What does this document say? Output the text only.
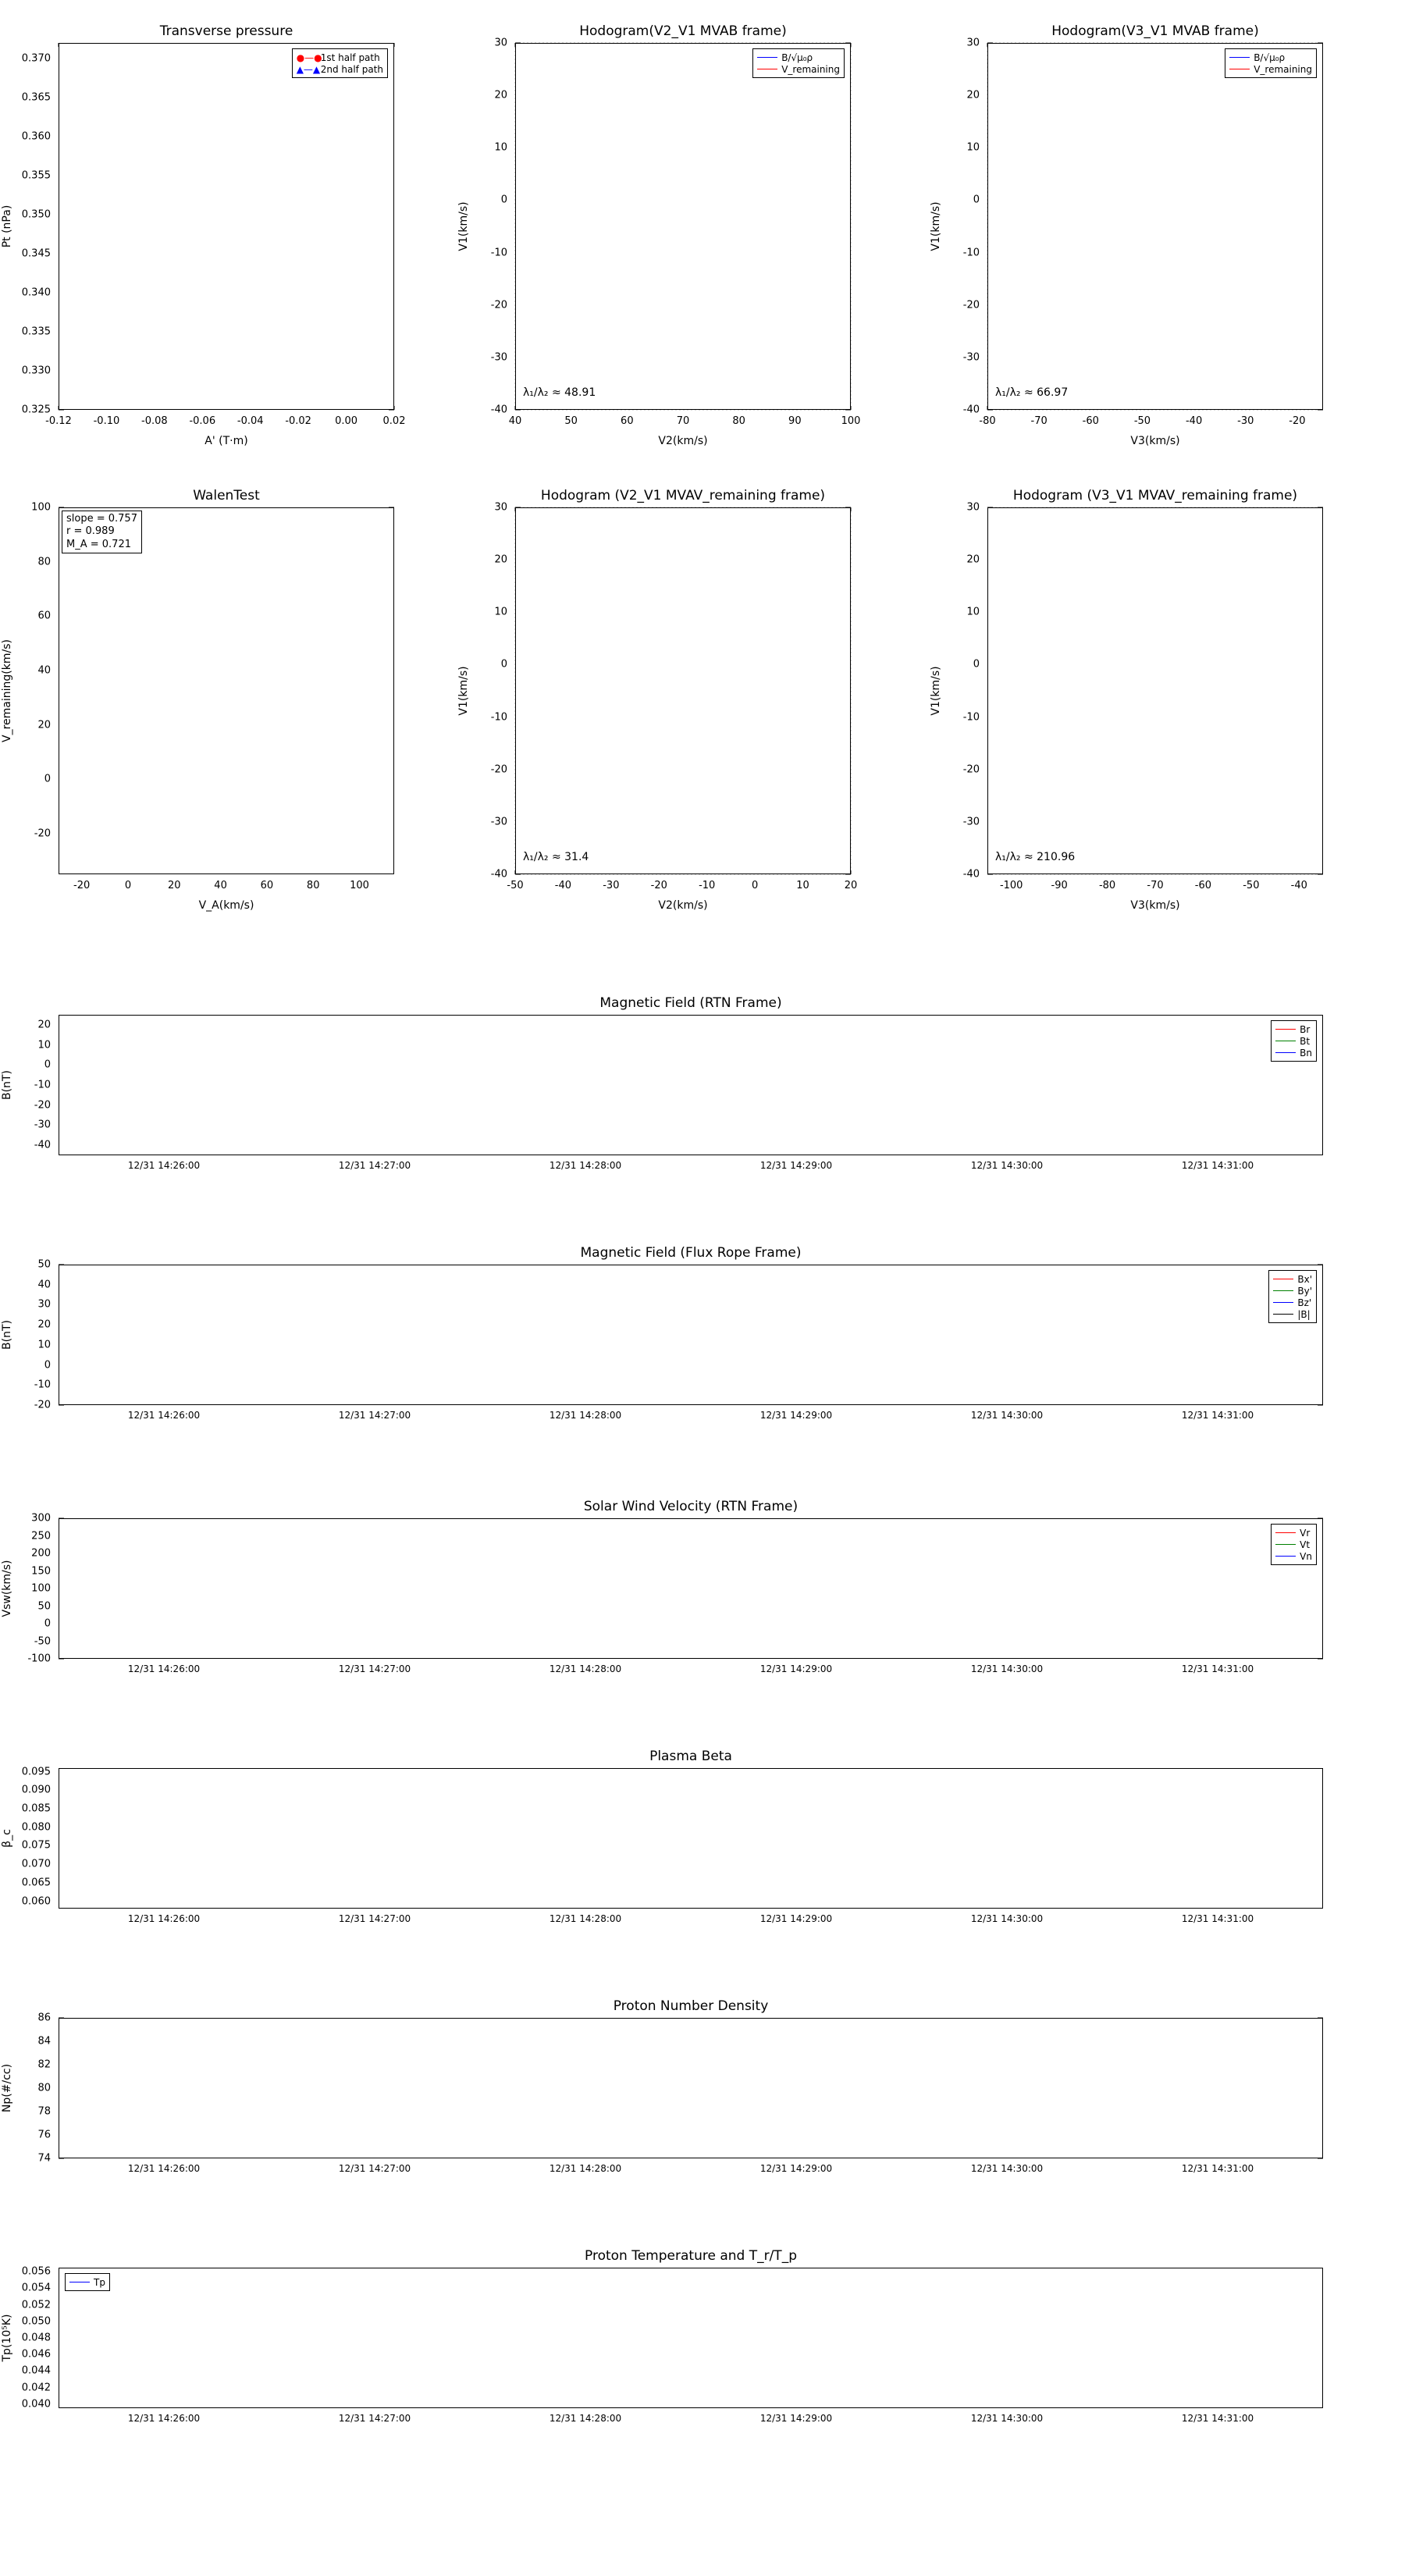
Transverse pressure
-0.12 -0.10 -0.08 -0.06 -0.04 -0.02 0.00 0.02
0.325
0.330
0.335
0.340
0.345
0.350
0.355
0.360
0.365
0.370
A' (T·m)
Pt (nPa)
●—●
1st half path
▲—▲ 2nd half path
Hodogram(V2_V1 MVAB frame)
40	50	60	70	80	90	100
-40
-30
-20
-10
0
10
20
30
V2(km/s)
V1(km/s)
B/√μ₀ρ
V_remaining
λ₁/λ₂ ≈ 48.91
Hodogram(V3_V1 MVAB frame)
-80	-70	-60	-50	-40	-30	-20
-40
-30
-20
-10
0
10
20
30
V3(km/s)
V1(km/s)
B/√μ₀ρ
V_remaining
λ₁/λ₂ ≈ 66.97
WalenTest
-20	0	20	40	60	80	100
-20
0
20
40
60
80
100
V_A(km/s)
V_remaining(km/s)
slope = 0.757
r = 0.989
M_A = 0.721
Hodogram (V2_V1 MVAV_remaining frame)
-50	-40	-30	-20	-10	0	10	20
-40
-30
-20
-10
0
10
20
30
V2(km/s)
V1(km/s)
λ₁/λ₂ ≈ 31.4
Hodogram (V3_V1 MVAV_remaining frame)
-100	-90	-80	-70	-60	-50	-40
-40
-30
-20
-10
0
10
20
30
V3(km/s)
V1(km/s)
λ₁/λ₂ ≈ 210.96
Magnetic Field (RTN Frame)
12/31 14:26:00	12/31 14:27:00	12/31 14:28:00	12/31 14:29:00	12/31 14:30:00	12/31 14:31:00
-40
-30
-20
-10
0
10
20
B(nT)
Br
Bt
Bn
Magnetic Field (Flux Rope Frame)
12/31 14:26:00	12/31 14:27:00	12/31 14:28:00	12/31 14:29:00	12/31 14:30:00	12/31 14:31:00
-20
-10
0
10
20
30
40
50
B(nT)
Bx'
By'
Bz'
|B|
Solar Wind Velocity (RTN Frame)
12/31 14:26:00	12/31 14:27:00	12/31 14:28:00	12/31 14:29:00	12/31 14:30:00	12/31 14:31:00
-100
-50
0
50
100
150
200
250
300
Vsw(km/s)
Vr
Vt
Vn
Plasma Beta
12/31 14:26:00	12/31 14:27:00	12/31 14:28:00	12/31 14:29:00	12/31 14:30:00	12/31 14:31:00
0.060
0.065
0.070
0.075
0.080
0.085
0.090
0.095
β_c
Proton Number Density
12/31 14:26:00	12/31 14:27:00	12/31 14:28:00	12/31 14:29:00	12/31 14:30:00	12/31 14:31:00
74
76
78
80
82
84
86
Np(#/cc)
Proton Temperature and T_r/T_p
12/31 14:26:00	12/31 14:27:00	12/31 14:28:00	12/31 14:29:00	12/31 14:30:00	12/31 14:31:00
0.040
0.042
0.044
0.046
0.048
0.050
0.052
0.054
0.056
Tp(10⁵K)
Tp
